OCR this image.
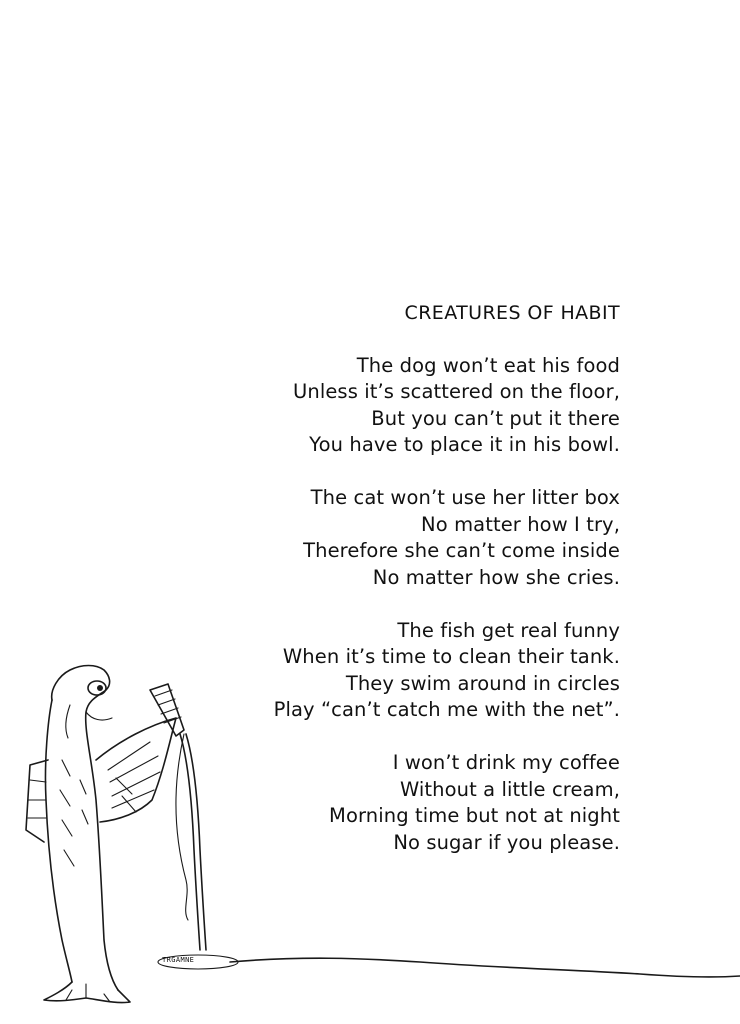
TRGAMNE
CREATURES OF HABIT
The dog won’t eat his food
Unless it’s scattered on the floor,
But you can’t put it there
You have to place it in his bowl.
The cat won’t use her litter box
No matter how I try,
Therefore she can’t come inside
No matter how she cries.
The fish get real funny
When it’s time to clean their tank.
They swim around in circles
Play “can’t catch me with the net”.
I won’t drink my coffee
Without a little cream,
Morning time but not at night
No sugar if you please.
